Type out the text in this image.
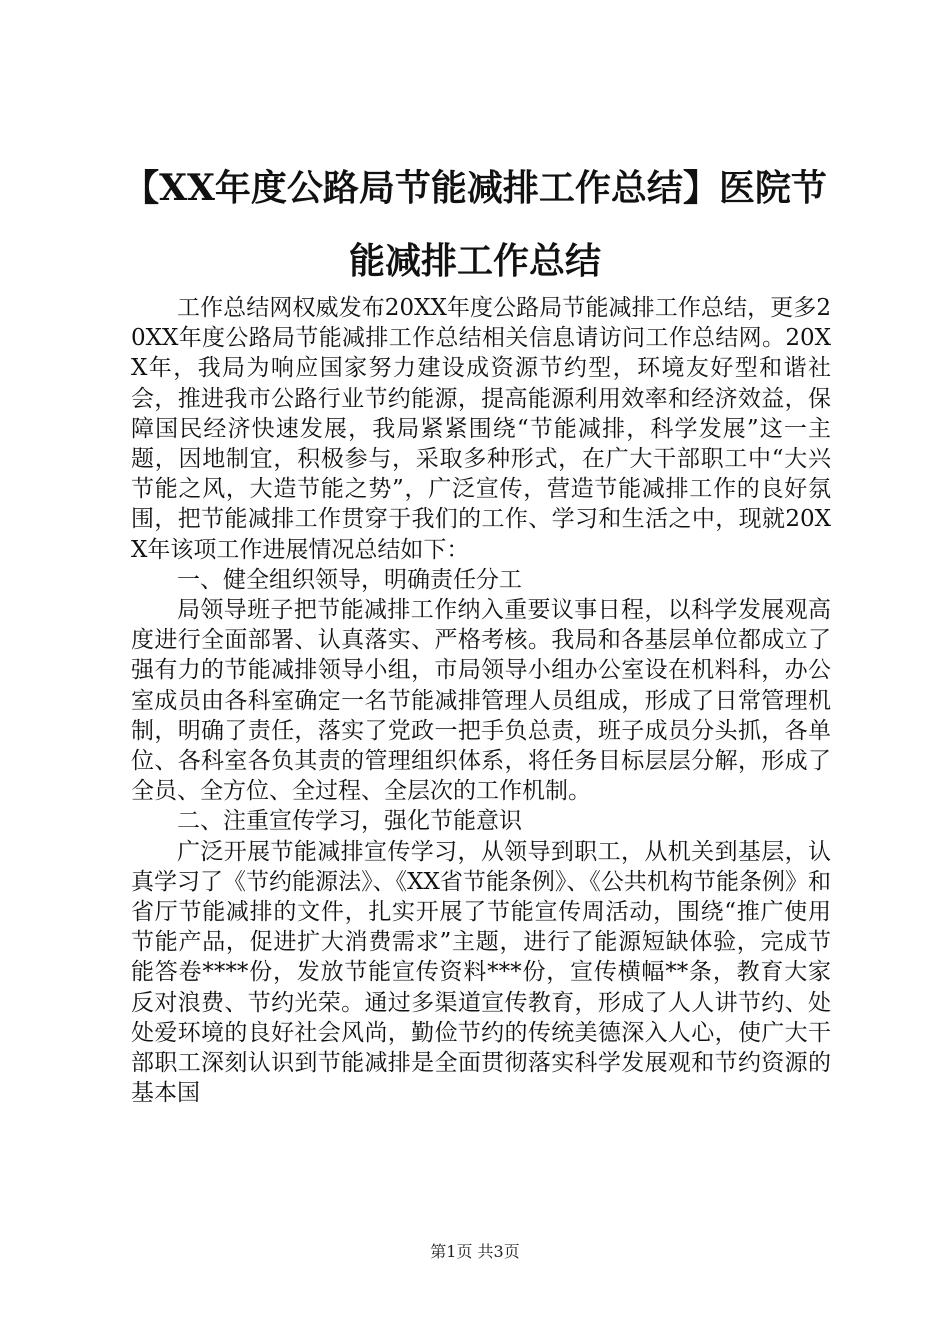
【XX年度公路局节能减排工作总结】医院节能减排工作总结

工作总结网权威发布20XX年度公路局节能减排工作总结，更多20XX年度公路局节能减排工作总结相关信息请访问工作总结网。20XX年，我局为响应国家努力建设成资源节约型，环境友好型和谐社会，推进我市公路行业节约能源，提高能源利用效率和经济效益，保障国民经济快速发展，我局紧紧围绕“节能减排，科学发展”这一主题，因地制宜，积极参与，采取多种形式，在广大干部职工中“大兴节能之风，大造节能之势”，广泛宣传，营造节能减排工作的良好氛围，把节能减排工作贯穿于我们的工作、学习和生活之中，现就20XX年该项工作进展情况总结如下：

一、健全组织领导，明确责任分工

局领导班子把节能减排工作纳入重要议事日程，以科学发展观高度进行全面部署、认真落实、严格考核。我局和各基层单位都成立了强有力的节能减排领导小组，市局领导小组办公室设在机料科，办公室成员由各科室确定一名节能减排管理人员组成，形成了日常管理机制，明确了责任，落实了党政一把手负总责，班子成员分头抓，各单位、各科室各负其责的管理组织体系，将任务目标层层分解，形成了全员、全方位、全过程、全层次的工作机制。

二、注重宣传学习，强化节能意识

广泛开展节能减排宣传学习，从领导到职工，从机关到基层，认真学习了《节约能源法》、《XX省节能条例》、《公共机构节能条例》和省厅节能减排的文件，扎实开展了节能宣传周活动，围绕“推广使用节能产品，促进扩大消费需求”主题，进行了能源短缺体验，完成节能答卷****份，发放节能宣传资料***份，宣传横幅**条，教育大家反对浪费、节约光荣。通过多渠道宣传教育，形成了人人讲节约、处处爱环境的良好社会风尚，勤俭节约的传统美德深入人心，使广大干部职工深刻认识到节能减排是全面贯彻落实科学发展观和节约资源的基本国

第1页 共3页
